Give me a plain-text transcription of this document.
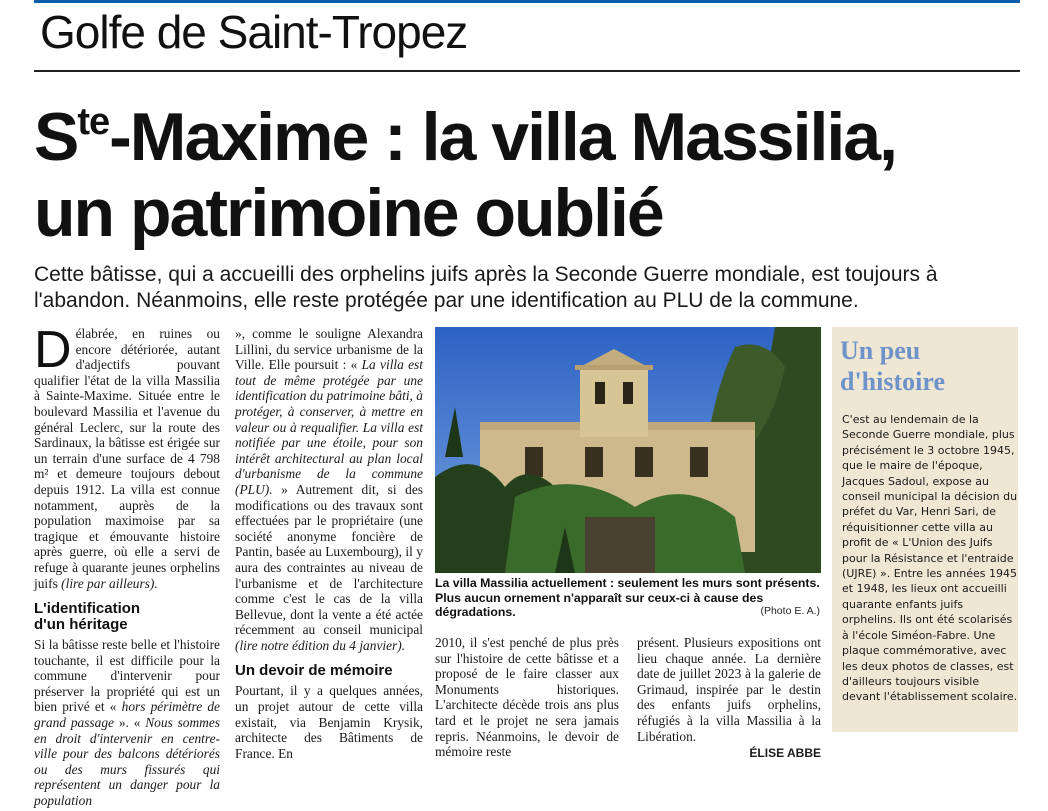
Golfe de Saint-Tropez
$S^{te}$-Maxime : la villa Massilia,
un patrimoine oublié

Cette bâtisse, qui a accueilli des orphelins juifs après la Seconde Guerre mondiale, est toujours à l'abandon. Néanmoins, elle reste protégée par une identification au PLU de la commune.

Délabrée, en ruines ou encore détériorée, autant d'adjectifs pouvant qualifier l'état de la villa Massilia à Sainte-Maxime. Située entre le boulevard Massilia et l'avenue du général Leclerc, sur la route des Sardinaux, la bâtisse est érigée sur un terrain d'une surface de 4 798 m² et demeure toujours debout depuis 1912. La villa est connue notamment, auprès de la population maximoise par sa tragique et émouvante histoire après guerre, où elle a servi de refuge à quarante jeunes orphelins juifs (lire par ailleurs).

L'identification
d'un héritage

Si la bâtisse reste belle et l'histoire touchante, il est difficile pour la commune d'intervenir pour préserver la propriété qui est un bien privé et « hors périmètre de grand passage ». « Nous sommes en droit d'intervenir en centre-ville pour des balcons détériorés ou des murs fissurés qui représentent un danger pour la population

», comme le souligne Alexandra Lillini, du service urbanisme de la Ville. Elle poursuit : « La villa est tout de même protégée par une identification du patrimoine bâti, à protéger, à conserver, à mettre en valeur ou à requalifier. La villa est notifiée par une étoile, pour son intérêt architectural au plan local d'urbanisme de la commune (PLU). » Autrement dit, si des modifications ou des travaux sont effectuées par le propriétaire (une société anonyme foncière de Pantin, basée au Luxembourg), il y aura des contraintes au niveau de l'urbanisme et de l'architecture comme c'est le cas de la villa Bellevue, dont la vente a été actée récemment au conseil municipal (lire notre édition du 4 janvier).

Un devoir de mémoire

Pourtant, il y a quelques années, un projet autour de cette villa existait, via Benjamin Krysik, architecte des Bâtiments de France. En

La villa Massilia actuellement : seulement les murs sont présents. Plus aucun ornement n'apparaît sur ceux-ci à cause des dégradations.	(Photo E. A.)

2010, il s'est penché de plus près sur l'histoire de cette bâtisse et a proposé de le faire classer aux Monuments historiques. L'architecte décède trois ans plus tard et le projet ne sera jamais repris. Néanmoins, le devoir de mémoire reste

présent. Plusieurs expositions ont lieu chaque année. La dernière date de juillet 2023 à la galerie de Grimaud, inspirée par le destin des enfants juifs orphelins, réfugiés à la villa Massilia à la Libération.

ÉLISE ABBE

Un peu
d'histoire

C'est au lendemain de la Seconde Guerre mondiale, plus précisément le 3 octobre 1945, que le maire de l'époque, Jacques Sadoul, expose au conseil municipal la décision du préfet du Var, Henri Sari, de réquisitionner cette villa au profit de « L'Union des Juifs pour la Résistance et l'entraide (UJRE) ». Entre les années 1945 et 1948, les lieux ont accueilli quarante enfants juifs orphelins. Ils ont été scolarisés à l'école Siméon-Fabre. Une plaque commémorative, avec les deux photos de classes, est d'ailleurs toujours visible devant l'établissement scolaire.
